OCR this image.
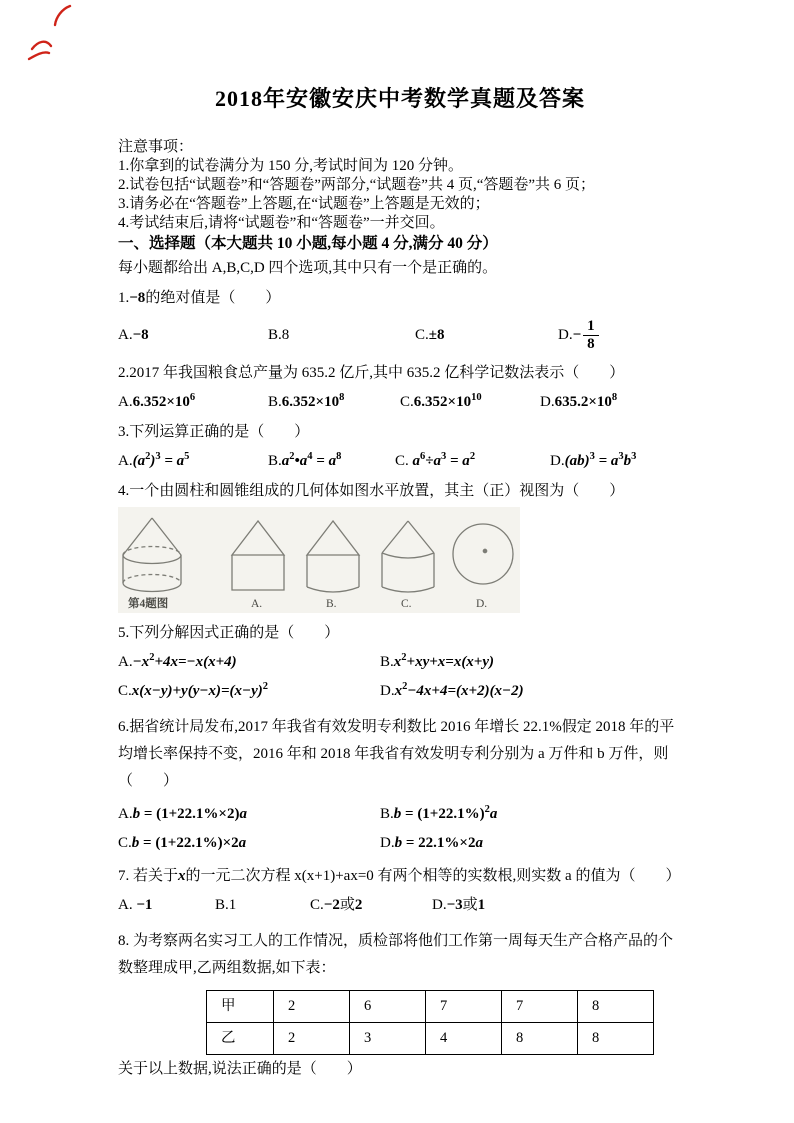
2018年安徽安庆中考数学真题及答案
注意事项：
1.你拿到的试卷满分为 150 分,考试时间为 120 分钟。
2.试卷包括“试题卷”和“答题卷”两部分,“试题卷”共 4 页,“答题卷”共 6 页；
3.请务必在“答题卷”上答题,在“试题卷”上答题是无效的；
4.考试结束后,请将“试题卷”和“答题卷”一并交回。
一、选择题（本大题共 10 小题,每小题 4 分,满分 40 分）
每小题都给出 A,B,C,D 四个选项,其中只有一个是正确的。
1.−8的绝对值是（　　）
A.−8	B.8	C.±8	$D.- \frac{1}{8}$
2.2017 年我国粮食总产量为 635.2 亿斤,其中 635.2 亿科学记数法表示（　　）
$A.6.352\times 10^6$	$B.6.352\times 10^8$	$C.6.352\times 10^{10}$	$D.635.2\times 10^8$
3.下列运算正确的是（　　）
$A.(a^2)^3 = a^5$	$B.a^2•a^4 = a^8$	C. $a^6\div a^3 = a^2$	$D.(ab)^3 = a^3b^3$
4.一个由圆柱和圆锥组成的几何体如图水平放置，其主（正）视图为（　　）
第4题图	A.	B.	C.	D.
5.下列分解因式正确的是（　　）
$A.-x^2+4x=-x(x+4)$	$B.x^2+xy+x=x(x+y)$
$C.x(x-y)+y(y-x)=(x-y)^2$	$D.x^2-4x+4=(x+2)(x-2)$
6.据省统计局发布,2017 年我省有效发明专利数比 2016 年增长 22.1%假定 2018 年的平均增长率保持不变，2016 年和 2018 年我省有效发明专利分别为 a 万件和 b 万件，则（　　）
A.b = (1+22.1%×2)a	$B.b = (1+22.1\%)^2a$
C.b = (1+22.1%)×2a	D.b = 22.1%×2a
7. 若关于x的一元二次方程 x(x+1)+ax=0 有两个相等的实数根,则实数 a 的值为（　　）
A. −1	B.1	C.−2或2	D.−3或1
8. 为考察两名实习工人的工作情况，质检部将他们工作第一周每天生产合格产品的个数整理成甲,乙两组数据,如下表：
甲	2	6	7	7	8
乙	2	3	4	8	8
关于以上数据,说法正确的是（　　）
